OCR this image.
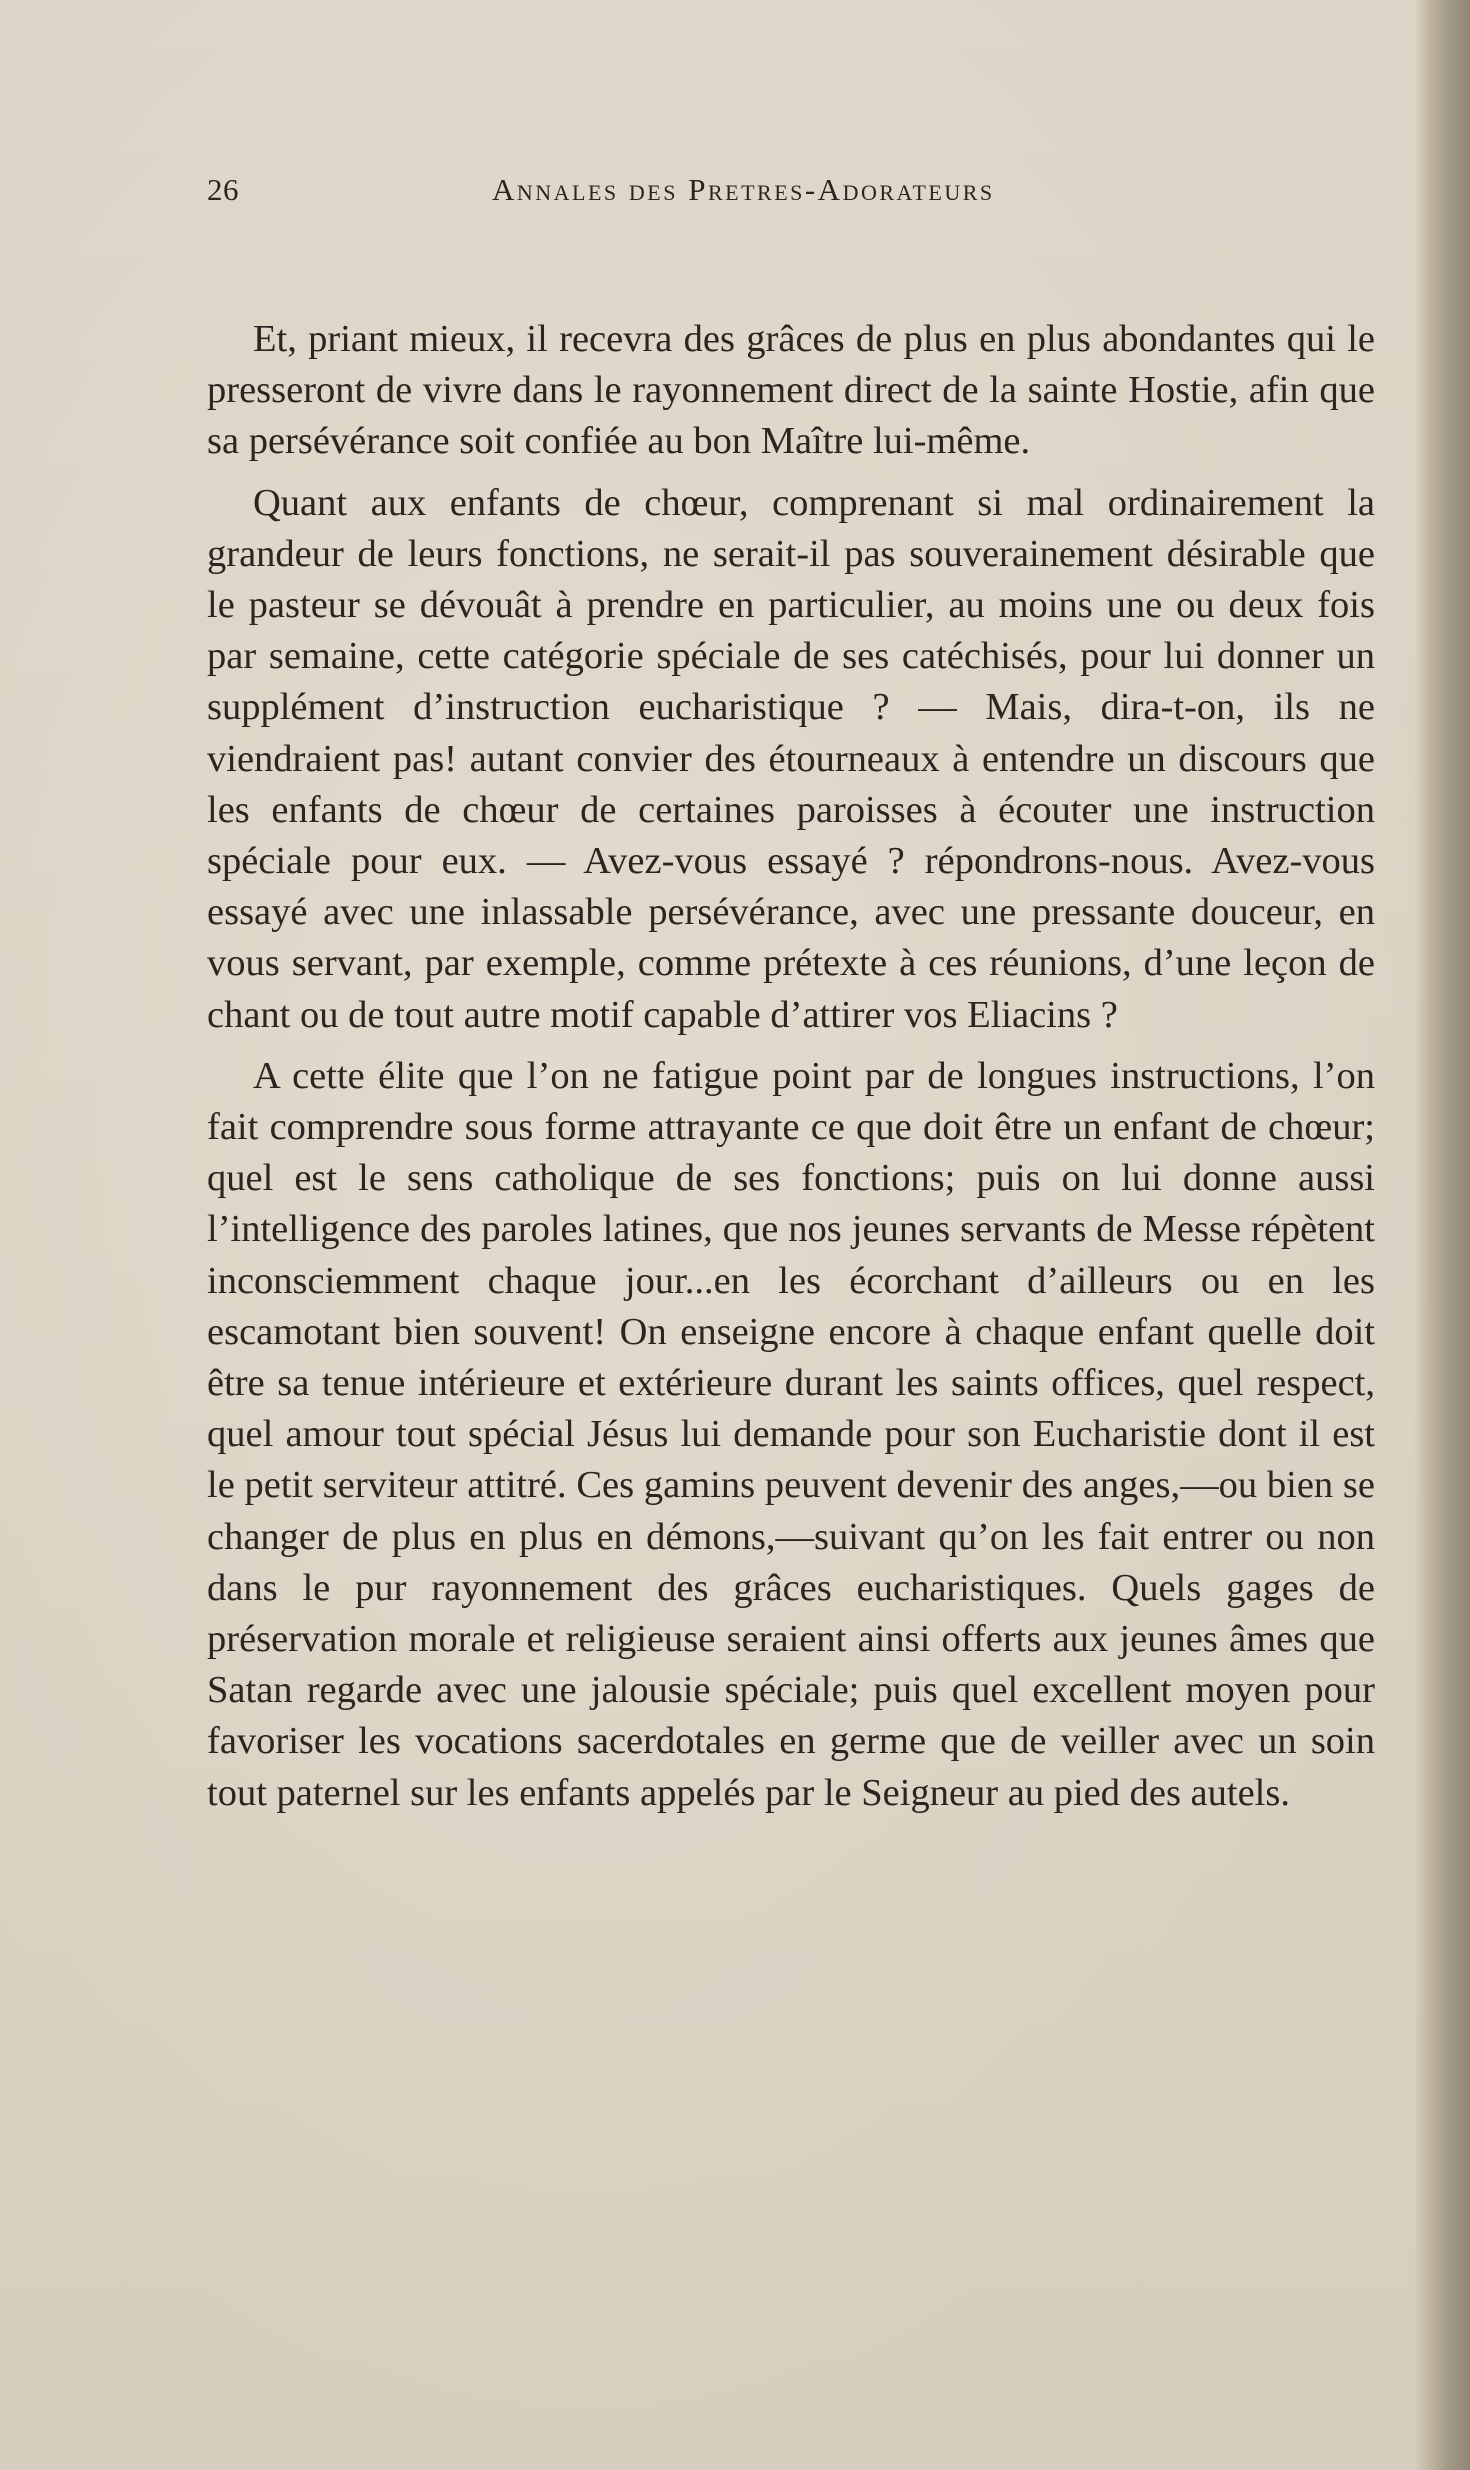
26	Annales des Pretres-Adorateurs

Et, priant mieux, il recevra des grâces de plus en plus abondantes qui le presseront de vivre dans le rayonnement direct de la sainte Hostie, afin que sa persévérance soit confiée au bon Maître lui-même.

Quant aux enfants de chœur, comprenant si mal ordinairement la grandeur de leurs fonctions, ne serait-il pas souverainement désirable que le pasteur se dévouât à prendre en particulier, au moins une ou deux fois par semaine, cette catégorie spéciale de ses catéchisés, pour lui donner un supplément d’instruction eucharistique ? — Mais, dira-t-on, ils ne viendraient pas! autant convier des étourneaux à entendre un discours que les enfants de chœur de certaines paroisses à écouter une instruction spéciale pour eux. — Avez-vous essayé ? répondrons-nous. Avez-vous essayé avec une inlassable persévérance, avec une pressante douceur, en vous servant, par exemple, comme prétexte à ces réunions, d’une leçon de chant ou de tout autre motif capable d’attirer vos Eliacins ?

A cette élite que l’on ne fatigue point par de longues instructions, l’on fait comprendre sous forme attrayante ce que doit être un enfant de chœur; quel est le sens catholique de ses fonctions; puis on lui donne aussi l’intelligence des paroles latines, que nos jeunes servants de Messe répètent inconsciemment chaque jour...en les écorchant d’ailleurs ou en les escamotant bien souvent! On enseigne encore à chaque enfant quelle doit être sa tenue intérieure et extérieure durant les saints offices, quel respect, quel amour tout spécial Jésus lui demande pour son Eucharistie dont il est le petit serviteur attitré. Ces gamins peuvent devenir des anges,—ou bien se changer de plus en plus en démons,—suivant qu’on les fait entrer ou non dans le pur rayonnement des grâces eucharistiques. Quels gages de préservation morale et religieuse seraient ainsi offerts aux jeunes âmes que Satan regarde avec une jalousie spéciale; puis quel excellent moyen pour favoriser les vocations sacerdotales en germe que de veiller avec un soin tout paternel sur les enfants appelés par le Seigneur au pied des autels.
